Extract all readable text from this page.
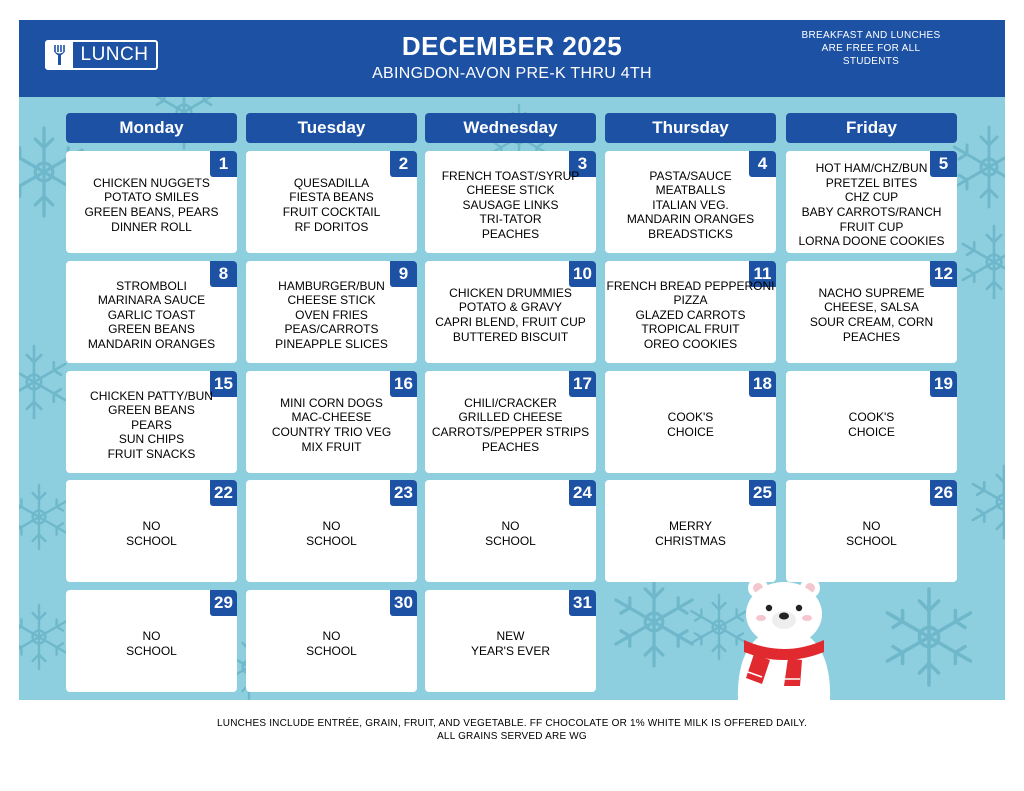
LUNCH	DECEMBER 2025
ABINGDON-AVON PRE-K THRU 4TH
BREAKFAST AND LUNCHES
ARE FREE FOR ALL
STUDENTS
Monday	Tuesday	Wednesday	Thursday	Friday
1
CHICKEN NUGGETS
POTATO SMILES
GREEN BEANS, PEARS
DINNER ROLL
2
QUESADILLA
FIESTA BEANS
FRUIT COCKTAIL
RF DORITOS
3
FRENCH TOAST/SYRUP
CHEESE STICK
SAUSAGE LINKS
TRI-TATOR
PEACHES
4
PASTA/SAUCE
MEATBALLS
ITALIAN VEG.
MANDARIN ORANGES
BREADSTICKS
5
HOT HAM/CHZ/BUN
PRETZEL BITES
CHZ CUP
BABY CARROTS/RANCH
FRUIT CUP
LORNA DOONE COOKIES
8
STROMBOLI
MARINARA SAUCE
GARLIC TOAST
GREEN BEANS
MANDARIN ORANGES
9
HAMBURGER/BUN
CHEESE STICK
OVEN FRIES
PEAS/CARROTS
PINEAPPLE SLICES
10
CHICKEN DRUMMIES
POTATO & GRAVY
CAPRI BLEND, FRUIT CUP
BUTTERED BISCUIT
11
FRENCH BREAD PEPPERONI
PIZZA
GLAZED CARROTS
TROPICAL FRUIT
OREO COOKIES
12
NACHO SUPREME
CHEESE, SALSA
SOUR CREAM, CORN
PEACHES
15
CHICKEN PATTY/BUN
GREEN BEANS
PEARS
SUN CHIPS
FRUIT SNACKS
16
MINI CORN DOGS
MAC-CHEESE
COUNTRY TRIO VEG
MIX FRUIT
17
CHILI/CRACKER
GRILLED CHEESE
CARROTS/PEPPER STRIPS
PEACHES
18
COOK'S
CHOICE
19
COOK'S
CHOICE
22
NO
SCHOOL
23
NO
SCHOOL
24
NO
SCHOOL
25
MERRY
CHRISTMAS
26
NO
SCHOOL
29
NO
SCHOOL
30
NO
SCHOOL
31
NEW
YEAR'S EVER
LUNCHES INCLUDE ENTRÉE, GRAIN, FRUIT, AND VEGETABLE. FF CHOCOLATE OR 1% WHITE MILK IS OFFERED DAILY.
ALL GRAINS SERVED ARE WG
